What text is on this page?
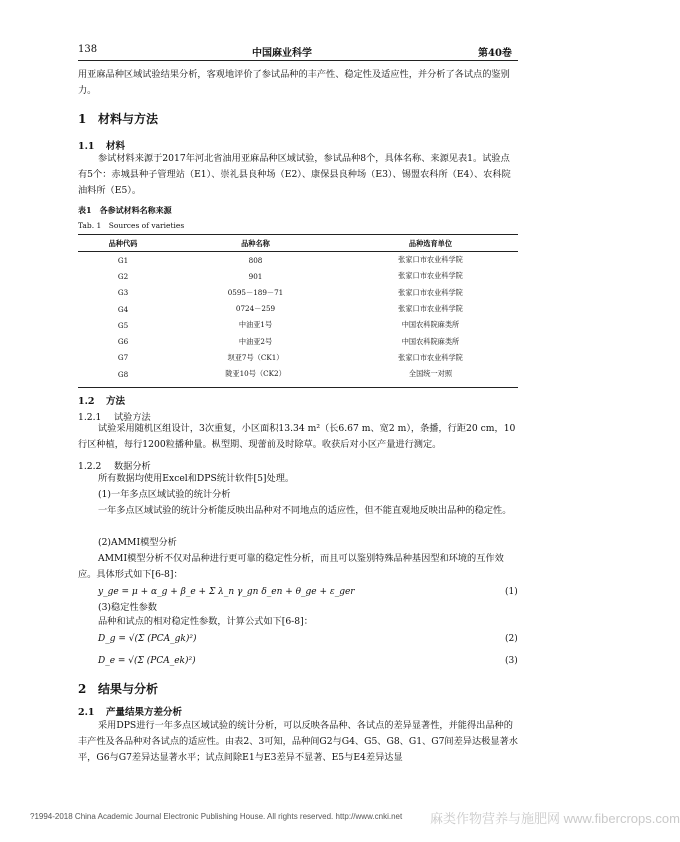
138	中国麻业科学	第40卷
用亚麻品种区域试验结果分析，客观地评价了参试品种的丰产性、稳定性及适应性，并分析了各试点的鉴别力。
1 材料与方法
1.1 材料
参试材料来源于2017年河北省油用亚麻品种区域试验，参试品种8个，具体名称、来源见表1。试验点有5个：赤城县种子管理站（E1）、崇礼县良种场（E2）、康保县良种场（E3）、锡盟农科所（E4）、农科院油料所（E5）。
表1　各参试材料名称来源
Tab. 1　Sources of varieties
品种代码	品种名称	品种选育单位
G1	808	张家口市农业科学院
G2	901	张家口市农业科学院
G3	0595－189－71	张家口市农业科学院
G4	0724－259	张家口市农业科学院
G5	中油亚1号	中国农科院麻类所
G6	中油亚2号	中国农科院麻类所
G7	坝亚7号（CK1）	张家口市农业科学院
G8	陇亚10号（CK2）	全国统一对照
1.2 方法
1.2.1 试验方法
试验采用随机区组设计，3次重复，小区面积13.34 m²（长6.67 m、宽2 m），条播，行距20 cm，10行区种植，每行1200粒播种量。枞型期、现蕾前及时除草。收获后对小区产量进行测定。
1.2.2 数据分析
所有数据均使用Excel和DPS统计软件[5]处理。
(1)一年多点区域试验的统计分析
一年多点区域试验的统计分析能反映出品种对不同地点的适应性，但不能直观地反映出品种的稳定性。
(2)AMMI模型分析
AMMI模型分析不仅对品种进行更可靠的稳定性分析，而且可以鉴别特殊品种基因型和环境的互作效应。具体形式如下[6-8]：
y_ge = μ + α_g + β_e + Σ λ_n γ_gn δ_en + θ_ge + ε_ger	(1)
(3)稳定性参数
品种和试点的相对稳定性参数，计算公式如下[6-8]：
D_g = √(Σ (PCA_gk)²)	(2)
D_e = √(Σ (PCA_ek)²)	(3)
2 结果与分析
2.1 产量结果方差分析
采用DPS进行一年多点区域试验的统计分析，可以反映各品种、各试点的差异显著性，并能得出品种的丰产性及各品种对各试点的适应性。由表2、3可知，品种间G2与G4、G5、G8、G1、G7间差异达极显著水平，G6与G7差异达显著水平；试点间除E1与E3差异不显著、E5与E4差异达显
?1994-2018 China Academic Journal Electronic Publishing House. All rights reserved. http://www.cnki.net 麻类作物营养与施肥网 www.fibercrops.com
